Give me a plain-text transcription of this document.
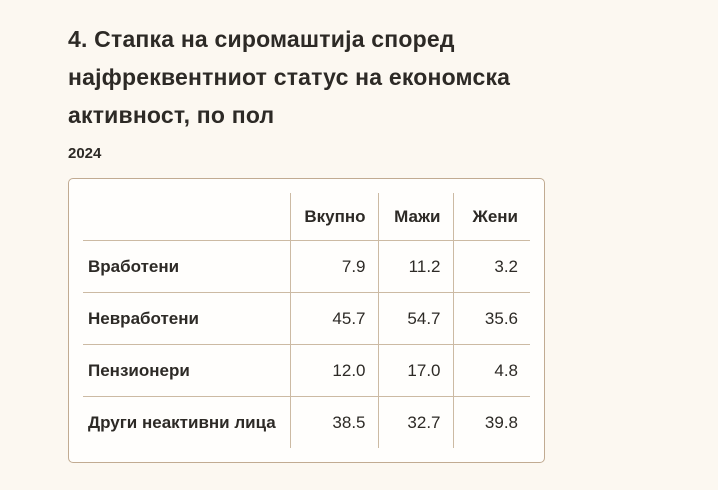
4. Стапка на сиромаштија според
најфреквентниот статус на економска
активност, по пол
2024
	Вкупно	Мажи	Жени
Вработени	7.9	11.2	3.2
Невработени	45.7	54.7	35.6
Пензионери	12.0	17.0	4.8
Други неактивни лица	38.5	32.7	39.8
